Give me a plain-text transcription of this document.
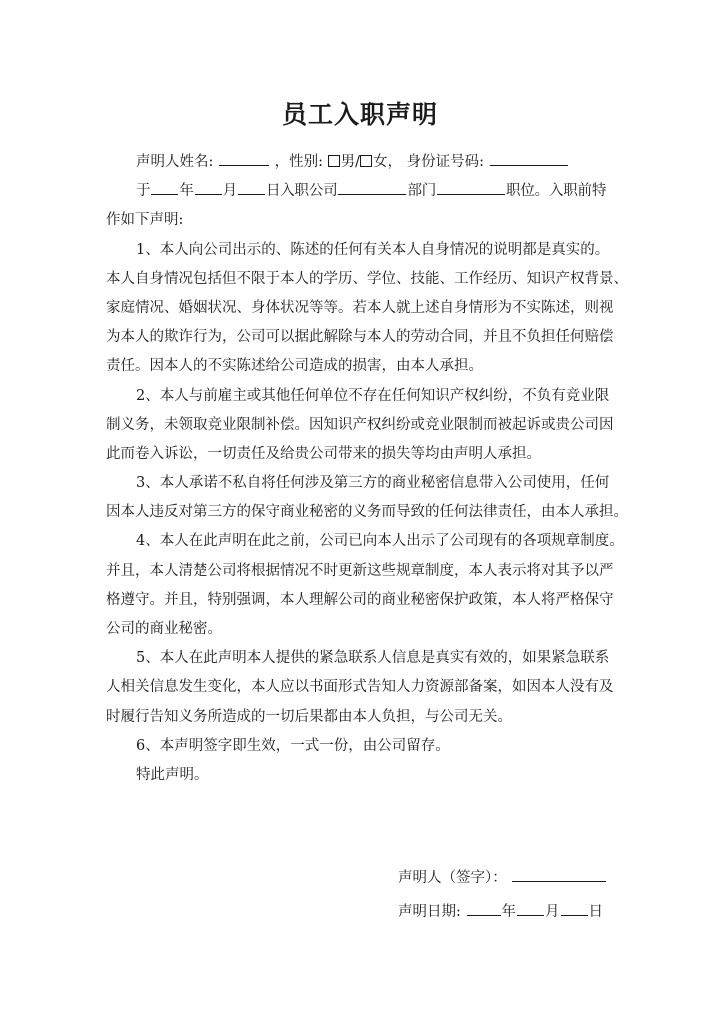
员工入职声明
声明人姓名:	，性别: 男/ 女， 身份证号码:
于 年 月 日入职公司	部门	职位。入职前特
作如下声明:
1、本人向公司出示的、陈述的任何有关本人自身情况的说明都是真实的。
本人自身情况包括但不限于本人的学历、学位、技能、工作经历、知识产权背景、
家庭情况、婚姻状况、身体状况等等。若本人就上述自身情形为不实陈述，则视
为本人的欺诈行为，公司可以据此解除与本人的劳动合同，并且不负担任何赔偿
责任。因本人的不实陈述给公司造成的损害，由本人承担。
2、本人与前雇主或其他任何单位不存在任何知识产权纠纷，不负有竞业限
制义务，未领取竞业限制补偿。因知识产权纠纷或竞业限制而被起诉或贵公司因
此而卷入诉讼，一切责任及给贵公司带来的损失等均由声明人承担。
3、本人承诺不私自将任何涉及第三方的商业秘密信息带入公司使用，任何
因本人违反对第三方的保守商业秘密的义务而导致的任何法律责任，由本人承担。
4、本人在此声明在此之前，公司已向本人出示了公司现有的各项规章制度。
并且，本人清楚公司将根据情况不时更新这些规章制度，本人表示将对其予以严
格遵守。并且，特别强调，本人理解公司的商业秘密保护政策，本人将严格保守
公司的商业秘密。
5、本人在此声明本人提供的紧急联系人信息是真实有效的，如果紧急联系
人相关信息发生变化，本人应以书面形式告知人力资源部备案，如因本人没有及
时履行告知义务所造成的一切后果都由本人负担，与公司无关。
6、本声明签字即生效，一式一份，由公司留存。
特此声明。
声明人（签字）：
声明日期:	年 月 日
